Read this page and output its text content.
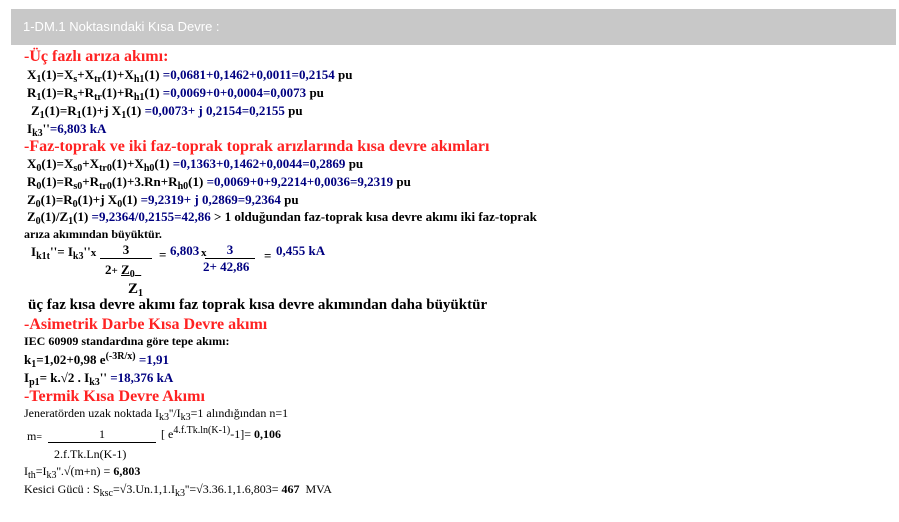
1-DM.1 Noktasındaki Kısa Devre :
-Üç fazlı arıza akımı:
$X_1(1)=X_s+X_{tr}(1)+X_{h1}(1) =0,0681+0,1462+0,0011=0,2154$ pu
$R_1(1)=R_s+R_{tr}(1)+R_{h1}(1) =0,0069+0+0,0004=0,0073$ pu
$Z_1(1)=R_1(1)+j$ $X_1(1) =0,0073+ j$ 0,2154=0,2155 pu
$I_{k3}''=6,803$ kA
-Faz-toprak ve iki faz-toprak toprak arızlarında kısa devre akımları
$X_0(1)=X_{s0}+X_{tr0}(1)+X_{h0}(1) =0,1363+0,1462+0,0044=0,2869$ pu
$R_0(1)=R_{s0}+R_{tr0}(1)+3.Rn+R_{h0}(1) =0,0069+0+9,2214+0,0036=9,2319$ pu
$Z_0(1)=R_0(1)+j$ $X_0(1) =9,2319+ j$ 0,2869=9,2364 pu
$Z_0(1)/Z_1(1) =9,2364/0,2155=42,86 > 1$ olduğundan faz-toprak kısa devre akımı iki faz-toprak
arıza akımından büyüktür.
$I_{k1t}''= I_{k3}''x$	3
$2+ Z_0$
$Z_1$
= 6,803 x	3
2+ 42,86
= 0,455 kA
üç faz kısa devre akımı faz toprak kısa devre akımından daha büyüktür
-Asimetrik Darbe Kısa Devre akımı
IEC 60909 standardına göre tepe akımı:
$k_1=1,02+0,98$ $e^{(-3R/x)} =1,91$
$I_{p1}= k.√2$ . $I_{k3}'' =18,376$ kA
-Termik Kısa Devre Akımı
Jeneratörden uzak noktada $I_{k3}''/I_{k3}=1$ alındığından n=1
m=	1	[ $e^{4.f.Tk.ln(K-1)}-1]= 0,106$
2.f.Tk.Ln(K-1)
$I_{th}=I_{k3}''.√(m+n) = 6,803$
Kesici Gücü : $S_{ksc}=√3.Un.1,1.I_{k3}''=√3.36.1,1.6,803= 467$ MVA
